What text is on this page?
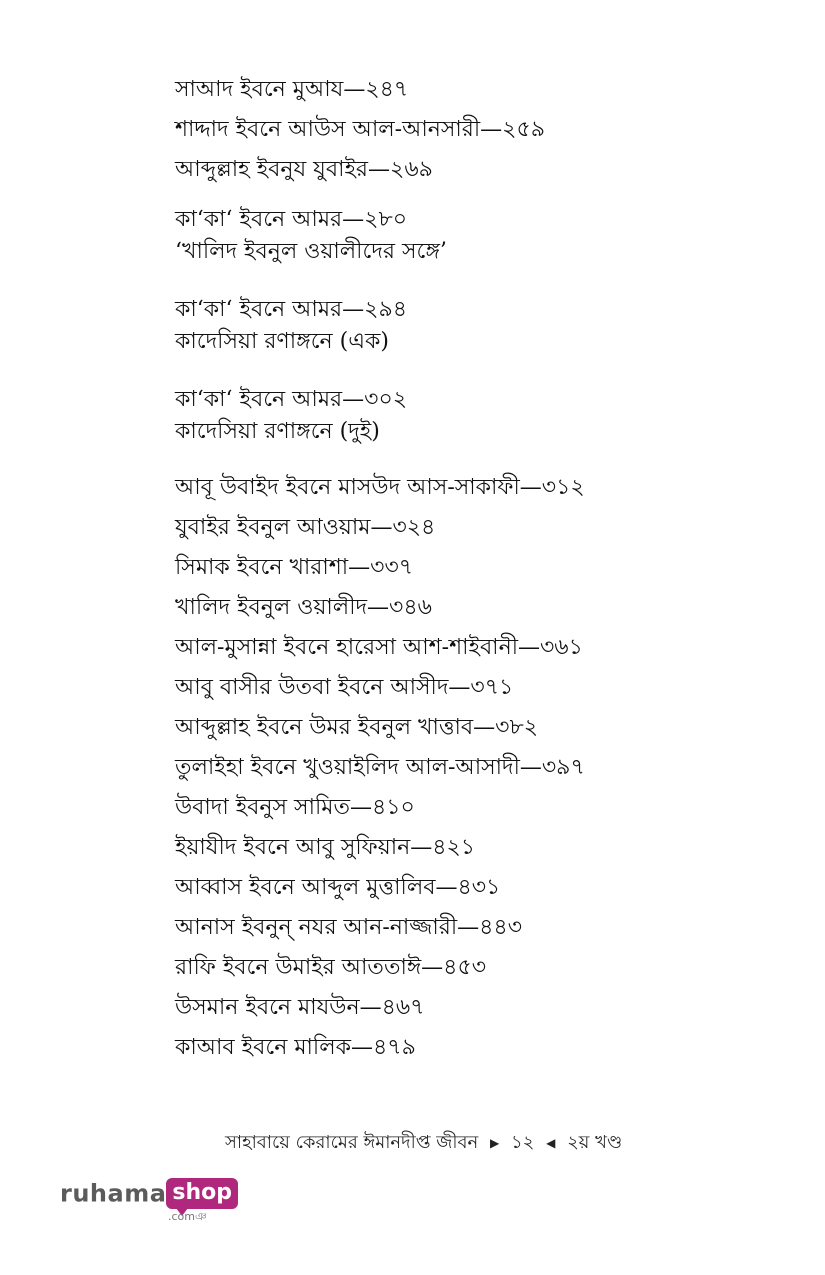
সাআদ ইবনে মুআয—২৪৭
শাদ্দাদ ইবনে আউস আল-আনসারী—২৫৯
আব্দুল্লাহ ইবনুয যুবাইর—২৬৯
কা‘কা‘ ইবনে আমর—২৮০
‘খালিদ ইবনুল ওয়ালীদের সঙ্গে’
কা‘কা‘ ইবনে আমর—২৯৪
কাদেসিয়া রণাঙ্গনে (এক)
কা‘কা‘ ইবনে আমর—৩০২
কাদেসিয়া রণাঙ্গনে (দুই)
আবূ উবাইদ ইবনে মাসউদ আস-সাকাফী—৩১২
যুবাইর ইবনুল আওয়াম—৩২৪
সিমাক ইবনে খারাশা—৩৩৭
খালিদ ইবনুল ওয়ালীদ—৩৪৬
আল-মুসান্না ইবনে হারেসা আশ-শাইবানী—৩৬১
আবু বাসীর উতবা ইবনে আসীদ—৩৭১
আব্দুল্লাহ ইবনে উমর ইবনুল খাত্তাব—৩৮২
তুলাইহা ইবনে খুওয়াইলিদ আল-আসাদী—৩৯৭
উবাদা ইবনুস সামিত—৪১০
ইয়াযীদ ইবনে আবু সুফিয়ান—৪২১
আব্বাস ইবনে আব্দুল মুত্তালিব—৪৩১
আনাস ইবনুন্ নযর আন-নাজ্জারী—৪৪৩
রাফি ইবনে উমাইর আততাঈ—৪৫৩
উসমান ইবনে মাযউন—৪৬৭
কাআব ইবনে মালিক—৪৭৯
সাহাবায়ে কেরামের ঈমানদীপ্ত জীবন ▶ ১২ ◀ ২য় খণ্ড
ruhama shop
.comঞ
